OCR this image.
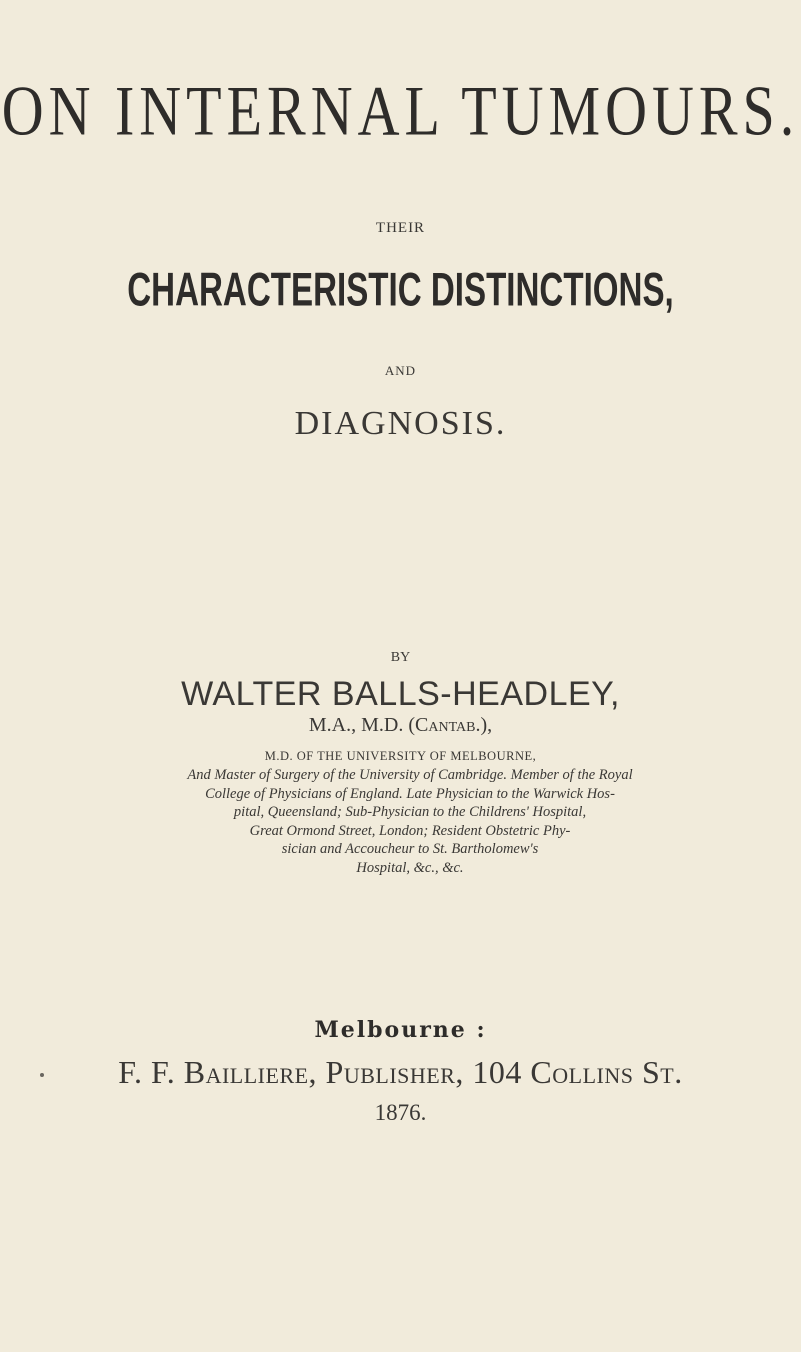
ON INTERNAL TUMOURS.
THEIR
CHARACTERISTIC DISTINCTIONS,
AND
DIAGNOSIS.
BY
WALTER BALLS-HEADLEY,
M.A., M.D. (Cantab.),
M.D. OF THE UNIVERSITY OF MELBOURNE,
And Master of Surgery of the University of Cambridge. Member of the Royal
College of Physicians of England. Late Physician to the Warwick Hos-
pital, Queensland; Sub-Physician to the Childrens' Hospital,
Great Ormond Street, London; Resident Obstetric Phy-
sician and Accoucheur to St. Bartholomew's
Hospital, &c., &c.
Melbourne :
F. F. Bailliere, Publisher, 104 Collins St.
1876.
